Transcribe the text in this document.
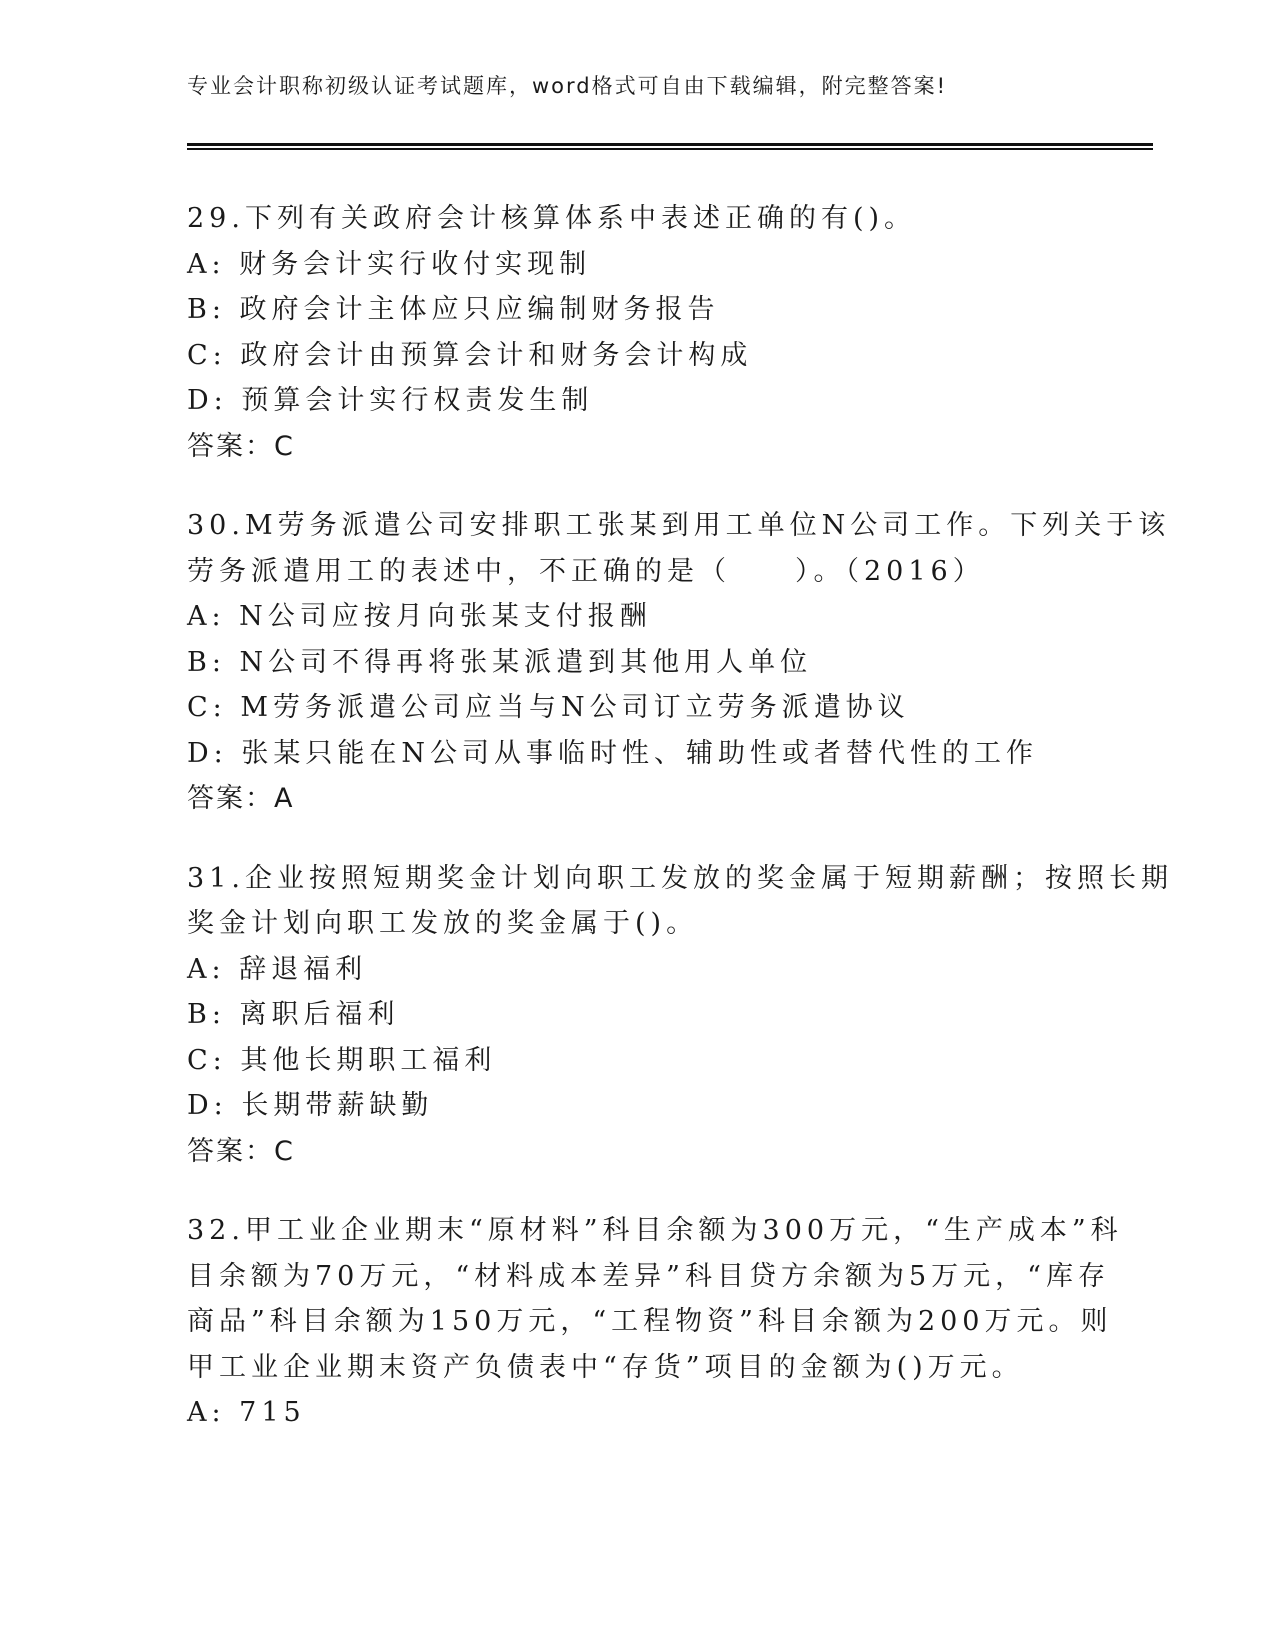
专业会计职称初级认证考试题库，word格式可自由下载编辑，附完整答案!
29.下列有关政府会计核算体系中表述正确的有()。
A: 财务会计实行收付实现制
B: 政府会计主体应只应编制财务报告
C: 政府会计由预算会计和财务会计构成
D: 预算会计实行权责发生制
答案：C
30.M劳务派遣公司安排职工张某到用工单位N公司工作。下列关于该
劳务派遣用工的表述中，不正确的是（　　）。（2016）
A: N公司应按月向张某支付报酬
B: N公司不得再将张某派遣到其他用人单位
C: M劳务派遣公司应当与N公司订立劳务派遣协议
D: 张某只能在N公司从事临时性、辅助性或者替代性的工作
答案：A
31.企业按照短期奖金计划向职工发放的奖金属于短期薪酬；按照长期
奖金计划向职工发放的奖金属于()。
A: 辞退福利
B: 离职后福利
C: 其他长期职工福利
D: 长期带薪缺勤
答案：C
32.甲工业企业期末“原材料”科目余额为300万元，“生产成本”科
目余额为70万元，“材料成本差异”科目贷方余额为5万元，“库存
商品”科目余额为150万元，“工程物资”科目余额为200万元。则
甲工业企业期末资产负债表中“存货”项目的金额为()万元。
A: 715
